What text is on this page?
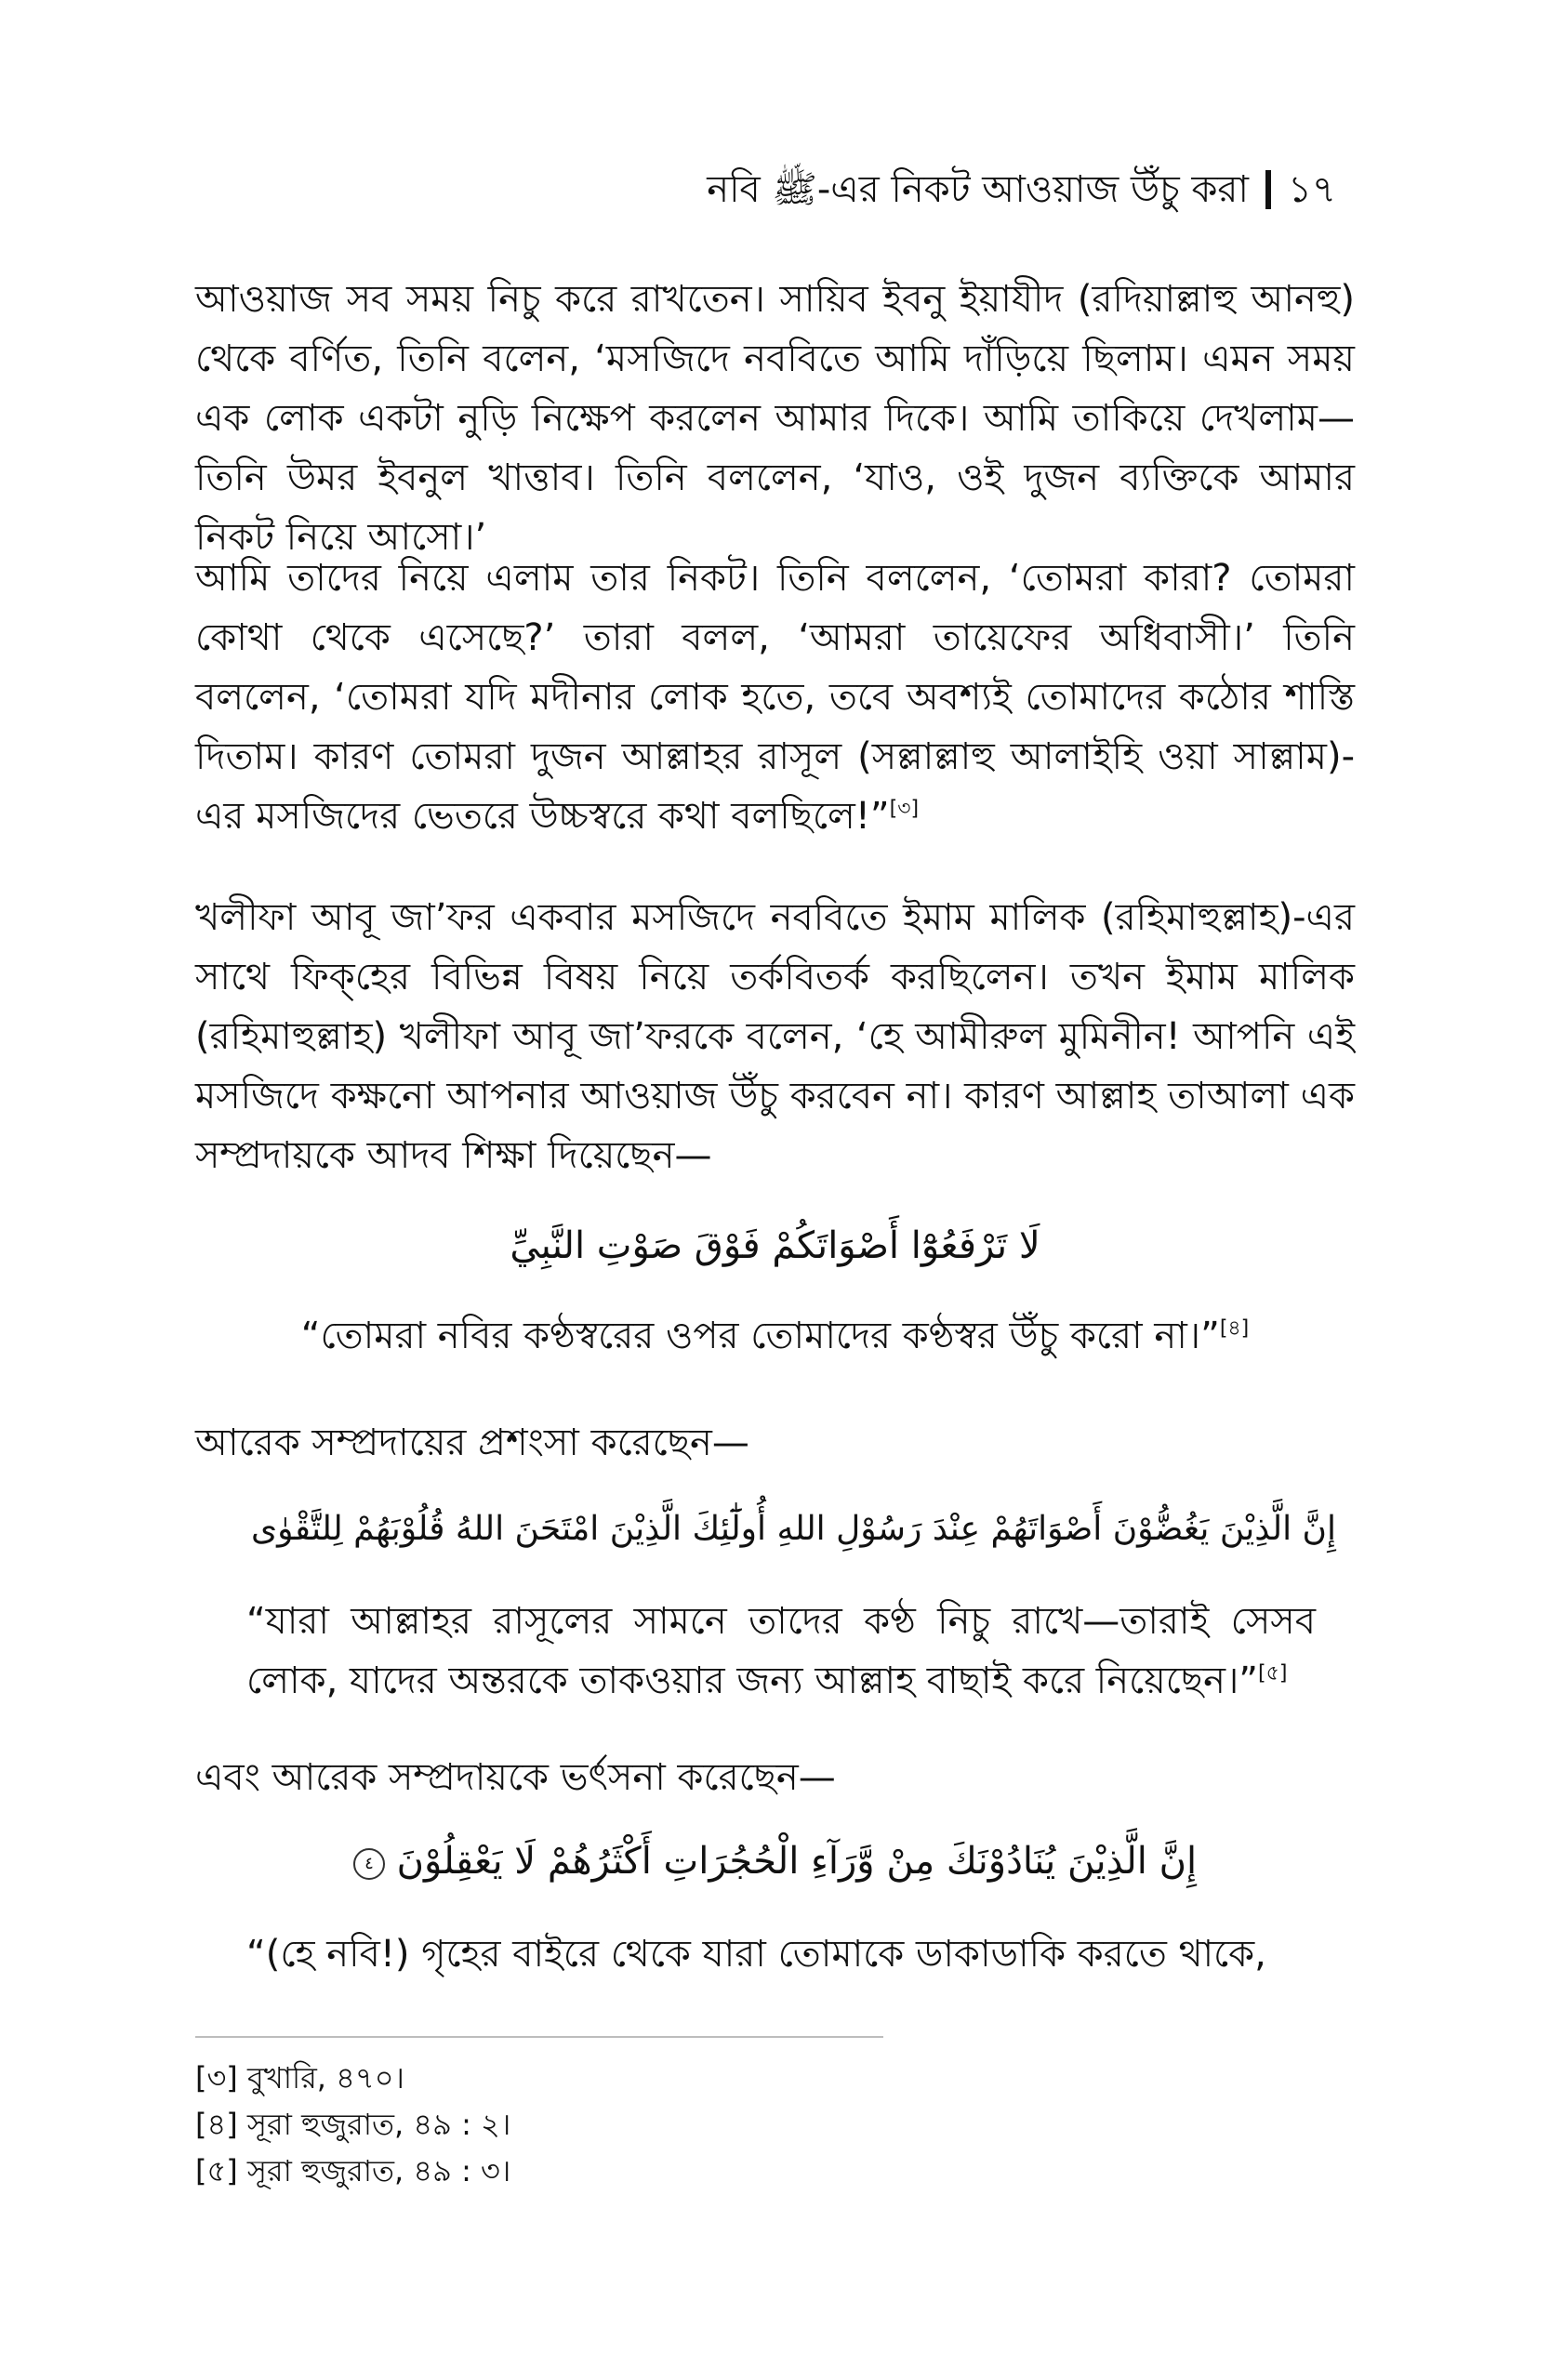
নবি ﷺ-এর নিকট আওয়াজ উঁচু করা ১৭

আওয়াজ সব সময় নিচু করে রাখতেন। সায়িব ইবনু ইয়াযীদ (রদিয়াল্লাহু আনহু) থেকে বর্ণিত, তিনি বলেন, ‘মসজিদে নববিতে আমি দাঁড়িয়ে ছিলাম। এমন সময় এক লোক একটা নুড়ি নিক্ষেপ করলেন আমার দিকে। আমি তাকিয়ে দেখলাম—তিনি উমর ইবনুল খাত্তাব। তিনি বললেন, ‘যাও, ওই দুজন ব্যক্তিকে আমার নিকট নিয়ে আসো।’

আমি তাদের নিয়ে এলাম তার নিকট। তিনি বললেন, ‘তোমরা কারা? তোমরা কোথা থেকে এসেছে?’ তারা বলল, ‘আমরা তায়েফের অধিবাসী।’ তিনি বললেন, ‘তোমরা যদি মদীনার লোক হতে, তবে অবশ্যই তোমাদের কঠোর শাস্তি দিতাম। কারণ তোমরা দুজন আল্লাহর রাসূল (সল্লাল্লাহু আলাইহি ওয়া সাল্লাম)-এর মসজিদের ভেতরে উচ্চস্বরে কথা বলছিলে!”[৩]

খলীফা আবূ জা’ফর একবার মসজিদে নববিতে ইমাম মালিক (রহিমাহুল্লাহ)-এর সাথে ফিক্‌হের বিভিন্ন বিষয় নিয়ে তর্কবিতর্ক করছিলেন। তখন ইমাম মালিক (রহিমাহুল্লাহ) খলীফা আবূ জা’ফরকে বলেন, ‘হে আমীরুল মুমিনীন! আপনি এই মসজিদে কক্ষনো আপনার আওয়াজ উঁচু করবেন না। কারণ আল্লাহ তাআলা এক সম্প্রদায়কে আদব শিক্ষা দিয়েছেন—

لَا تَرْفَعُوْٓا أَصْوَاتَكُمْ فَوْقَ صَوْتِ النَّبِيِّ
“তোমরা নবির কণ্ঠস্বরের ওপর তোমাদের কণ্ঠস্বর উঁচু করো না।”[৪]

আরেক সম্প্রদায়ের প্রশংসা করেছেন—

إِنَّ الَّذِيْنَ يَغُضُّوْنَ أَصْوَاتَهُمْ عِنْدَ رَسُوْلِ اللهِ أُولَٰٓئِكَ الَّذِيْنَ امْتَحَنَ اللهُ قُلُوْبَهُمْ لِلتَّقْوٰى

“যারা আল্লাহর রাসূলের সামনে তাদের কণ্ঠ নিচু রাখে—তারাই সেসব লোক, যাদের অন্তরকে তাকওয়ার জন্য আল্লাহ বাছাই করে নিয়েছেন।”[৫]

এবং আরেক সম্প্রদায়কে ভর্ৎসনা করেছেন—

إِنَّ الَّذِيْنَ يُنَادُوْنَكَ مِنْ وَّرَآءِ الْحُجُرَاتِ أَكْثَرُهُمْ لَا يَعْقِلُوْنَ ٤

“(হে নবি!) গৃহের বাইরে থেকে যারা তোমাকে ডাকাডাকি করতে থাকে,

[৩] বুখারি, ৪৭০।
[৪] সূরা হুজুরাত, ৪৯ : ২।
[৫] সূরা হুজুরাত, ৪৯ : ৩।
